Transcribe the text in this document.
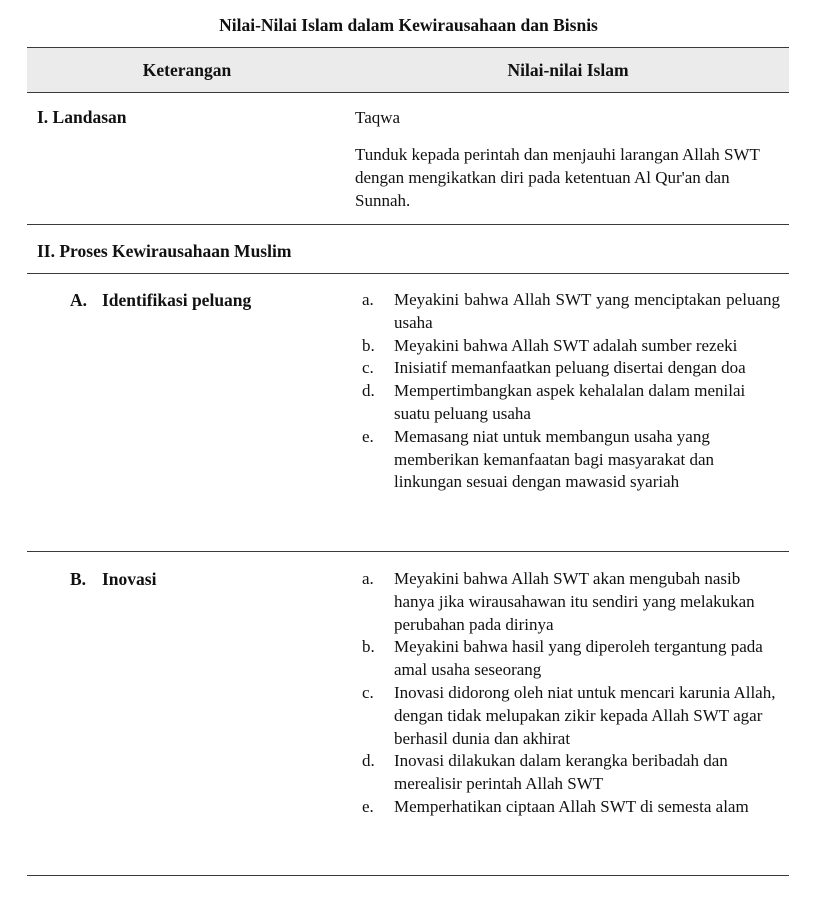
Nilai-Nilai Islam dalam Kewirausahaan dan Bisnis
Keterangan	Nilai-nilai Islam
I. Landasan	Taqwa
Tunduk kepada perintah dan menjauhi larangan Allah SWT dengan mengikatkan diri pada ketentuan Al Qur'an dan Sunnah.
II. Proses Kewirausahaan Muslim
A. Identifikasi peluang	a. Meyakini bahwa Allah SWT yang menciptakan peluang usaha
b. Meyakini bahwa Allah SWT adalah sumber rezeki
c. Inisiatif memanfaatkan peluang disertai dengan doa
d. Mempertimbangkan aspek kehalalan dalam menilai suatu peluang usaha
e. Memasang niat untuk membangun usaha yang memberikan kemanfaatan bagi masyarakat dan linkungan sesuai dengan mawasid syariah
B. Inovasi	a. Meyakini bahwa Allah SWT akan mengubah nasib hanya jika wirausahawan itu sendiri yang melakukan perubahan pada dirinya
b. Meyakini bahwa hasil yang diperoleh tergantung pada amal usaha seseorang
c. Inovasi didorong oleh niat untuk mencari karunia Allah, dengan tidak melupakan zikir kepada Allah SWT agar berhasil dunia dan akhirat
d. Inovasi dilakukan dalam kerangka beribadah dan merealisir perintah Allah SWT
e. Memperhatikan ciptaan Allah SWT di semesta alam
